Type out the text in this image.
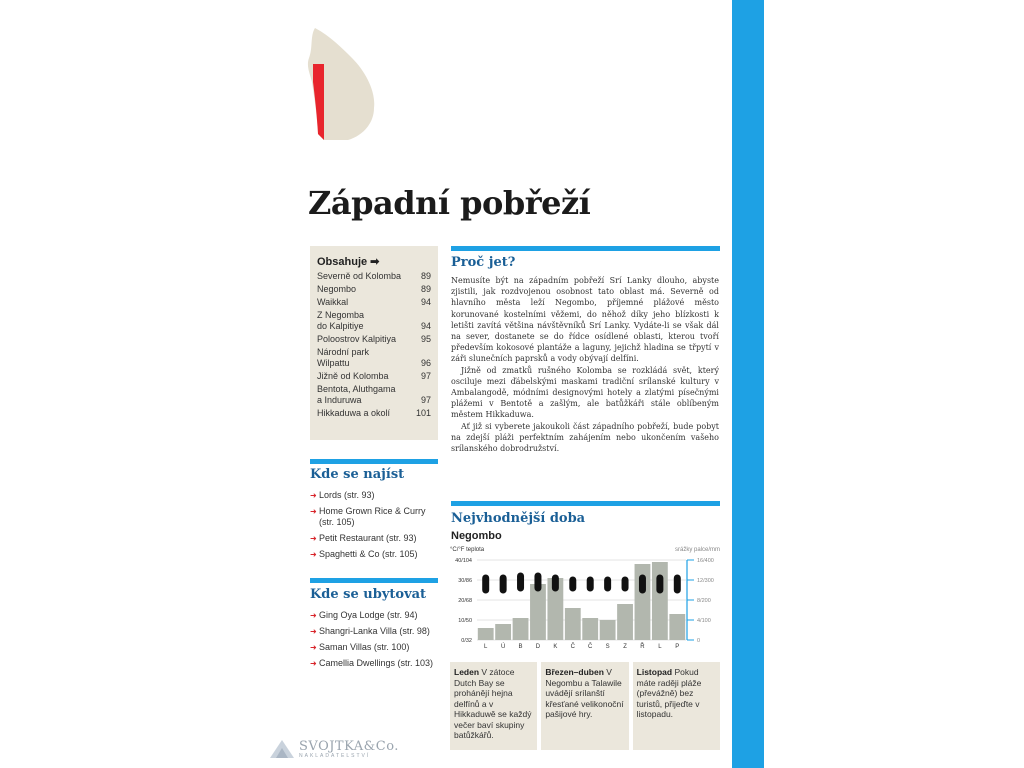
Západní pobřeží
Obsahuje ➡
Severně od Kolomba	89
Negombo	89
Waikkal	94
Z Negomba
do Kalpitiye	94
Poloostrov Kalpitiya	95
Národní park
Wilpattu	96
Jižně od Kolomba	97
Bentota, Aluthgama
a Induruwa	97
Hikkaduwa a okolí	101
Kde se najíst
➜ Lords (str. 93)
➜ Home Grown Rice & Curry (str. 105)
➜ Petit Restaurant (str. 93)
➜ Spaghetti & Co (str. 105)
Kde se ubytovat
➜ Ging Oya Lodge (str. 94)
➜ Shangri-Lanka Villa (str. 98)
➜ Saman Villas (str. 100)
➜ Camellia Dwellings (str. 103)
Proč jet?

Nemusíte být na západním pobřeží Srí Lanky dlouho, abyste zjistili, jak rozdvojenou osobnost tato oblast má. Severně od hlavního města leží Negombo, příjemné plážové město korunované kostelními věžemi, do něhož díky jeho blízkosti k letišti zavítá většina návštěvníků Srí Lanky. Vydáte-li se však dál na sever, dostanete se do řídce osídlené oblasti, kterou tvoří především kokosové plantáže a laguny, jejichž hladina se třpytí v záři slunečních paprsků a vody obývají delfíni.

Jižně od zmatků rušného Kolomba se rozkládá svět, který osciluje mezi ďábelskými maskami tradiční srílanské kultury v Ambalangodě, módními designovými hotely a zlatými písečnými plážemi v Bentotě a zašlým, ale batůžkáři stále oblíbeným městem Hikkaduwa.

Ať již si vyberete jakoukoli část západního pobřeží, bude pobyt na zdejší pláži perfektním zahájením nebo ukončením vašeho srílanského dobrodružství.

Nejvhodnější doba
Negombo
°C/°F teplota	srážky palce/mm
0/32
10/50
20/68
30/86
40/104
0
4/100
8/200
12/300
16/400
L Ú B D K Č Č S Z Ř L P
Leden V zátoce Dutch Bay se prohánějí hejna delfínů a v Hikkaduwě se každý večer baví skupiny batůžkářů.
Březen–duben V Negombu a Talawile uvádějí srílanští křesťané velikonoční pašijové hry.
Listopad Pokud máte raději pláže (převážně) bez turistů, přijeďte v listopadu.
SVOJTKA&Co.
NAKLADATELSTVÍ
